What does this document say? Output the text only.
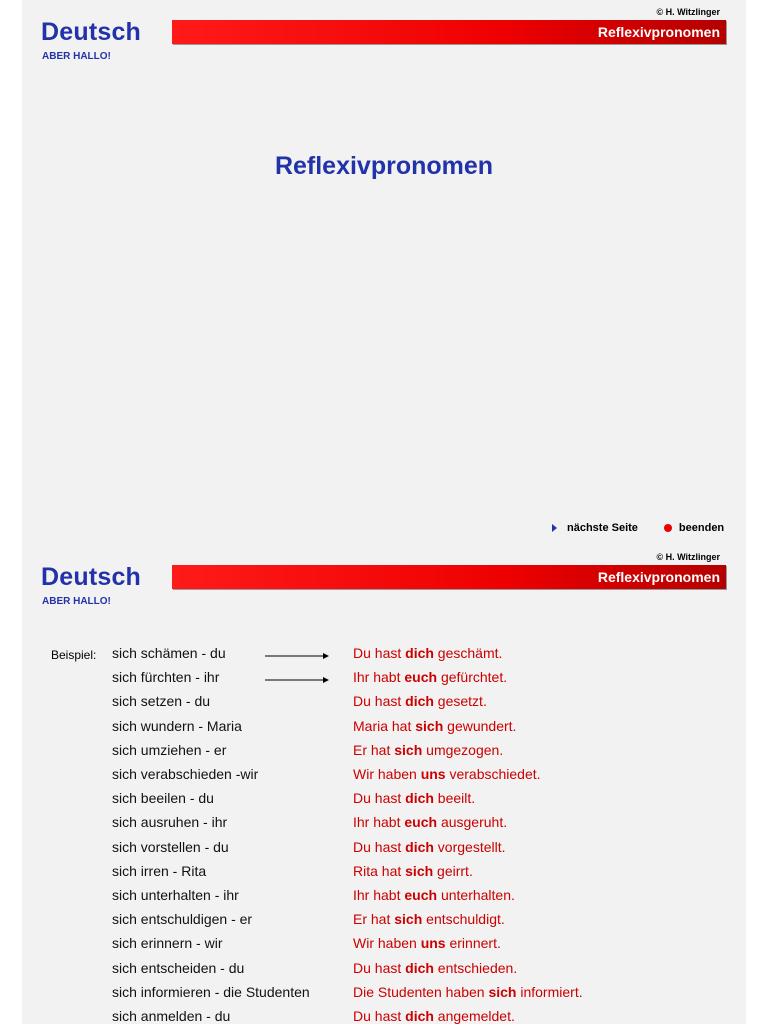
© H. Witzlinger
Deutsch
ABER HALLO!
Reflexivpronomen
Reflexivpronomen
nächste Seite	beenden
© H. Witzlinger
Deutsch
ABER HALLO!
Reflexivpronomen
Beispiel: sich schämen - du	Du hast dich geschämt.
sich fürchten - ihr	Ihr habt euch gefürchtet.
sich setzen - du	Du hast dich gesetzt.
sich wundern - Maria	Maria hat sich gewundert.
sich umziehen - er	Er hat sich umgezogen.
sich verabschieden -wir	Wir haben uns verabschiedet.
sich beeilen - du	Du hast dich beeilt.
sich ausruhen - ihr	Ihr habt euch ausgeruht.
sich vorstellen - du	Du hast dich vorgestellt.
sich irren - Rita	Rita hat sich geirrt.
sich unterhalten - ihr	Ihr habt euch unterhalten.
sich entschuldigen - er	Er hat sich entschuldigt.
sich erinnern - wir	Wir haben uns erinnert.
sich entscheiden - du	Du hast dich entschieden.
sich informieren - die Studenten	Die Studenten haben sich informiert.
sich anmelden - du	Du hast dich angemeldet.
